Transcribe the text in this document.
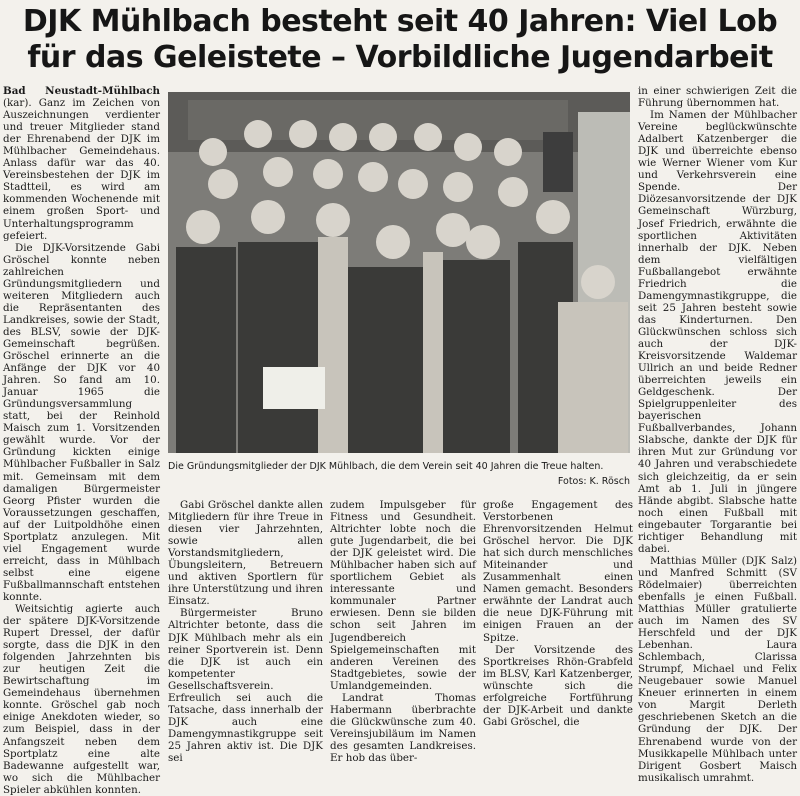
DJK Mühlbach besteht seit 40 Jahren: Viel Lob für das Geleistete – Vorbildliche Jugendarbeit

Bad Neustadt-Mühlbach (kar). Ganz im Zeichen von Auszeichnungen verdienter und treuer Mitglieder stand der Ehrenabend der DJK im Mühlbacher Gemeindehaus. Anlass dafür war das 40. Vereinsbestehen der DJK im Stadtteil, es wird am kommenden Wochenende mit einem großen Sport- und Unterhaltungsprogramm gefeiert.

Die DJK-Vorsitzende Gabi Gröschel konnte neben zahlreichen Gründungsmitgliedern und weiteren Mitgliedern auch die Repräsentanten des Landkreises, sowie der Stadt, des BLSV, sowie der DJK-Gemeinschaft begrüßen. Gröschel erinnerte an die Anfänge der DJK vor 40 Jahren. So fand am 10. Januar 1965 die Gründungsversammlung statt, bei der Reinhold Maisch zum 1. Vorsitzenden gewählt wurde. Vor der Gründung kickten einige Mühlbacher Fußballer in Salz mit. Gemeinsam mit dem damaligen Bürgermeister Georg Pfister wurden die Voraussetzungen geschaffen, auf der Luitpoldhöhe einen Sportplatz anzulegen. Mit viel Engagement wurde erreicht, dass in Mühlbach selbst eine eigene Fußballmannschaft entstehen konnte.

Weitsichtig agierte auch der spätere DJK-Vorsitzende Rupert Dressel, der dafür sorgte, dass die DJK in den folgenden Jahrzehnten bis zur heutigen Zeit die Bewirtschaftung im Gemeindehaus übernehmen konnte. Gröschel gab noch einige Anekdoten wieder, so zum Beispiel, dass in der Anfangszeit neben dem Sportplatz eine alte Badewanne aufgestellt war, wo sich die Mühlbacher Spieler abkühlen konnten.

Die Gründungsmitglieder der DJK Mühlbach, die dem Verein seit 40 Jahren die Treue halten.
Fotos: K. Rösch

Gabi Gröschel dankte allen Mitgliedern für ihre Treue in diesen vier Jahrzehnten, sowie allen Vorstandsmitgliedern, Übungsleitern, Betreuern und aktiven Sportlern für ihre Unterstützung und ihren Einsatz.

Bürgermeister Bruno Altrichter betonte, dass die DJK Mühlbach mehr als ein reiner Sportverein ist. Denn die DJK ist auch ein kompetenter Gesellschaftsverein. Erfreulich sei auch die Tatsache, dass innerhalb der DJK auch eine Damengymnastikgruppe seit 25 Jahren aktiv ist. Die DJK sei

zudem Impulsgeber für Fitness und Gesundheit. Altrichter lobte noch die gute Jugendarbeit, die bei der DJK geleistet wird. Die Mühlbacher haben sich auf sportlichem Gebiet als interessante und kommunaler Partner erwiesen. Denn sie bilden schon seit Jahren im Jugendbereich Spielgemeinschaften mit anderen Vereinen des Stadtgebietes, sowie der Umlandgemeinden.

Landrat Thomas Habermann überbrachte die Glückwünsche zum 40. Vereinsjubiläum im Namen des gesamten Landkreises. Er hob das über-

große Engagement des Verstorbenen Ehrenvorsitzenden Helmut Gröschel hervor. Die DJK hat sich durch menschliches Miteinander und Zusammenhalt einen Namen gemacht. Besonders erwähnte der Landrat auch die neue DJK-Führung mit einigen Frauen an der Spitze.

Der Vorsitzende des Sportkreises Rhön-Grabfeld im BLSV, Karl Katzenberger, wünschte sich die erfolgreiche Fortführung der DJK-Arbeit und dankte Gabi Gröschel, die

in einer schwierigen Zeit die Führung übernommen hat.

Im Namen der Mühlbacher Vereine beglückwünschte Adalbert Katzenberger die DJK und überreichte ebenso wie Werner Wiener vom Kur und Verkehrsverein eine Spende. Der Diözesanvorsitzende der DJK Gemeinschaft Würzburg, Josef Friedrich, erwähnte die sportlichen Aktivitäten innerhalb der DJK. Neben dem vielfältigen Fußballangebot erwähnte Friedrich die Damengymnastikgruppe, die seit 25 Jahren besteht sowie das Kinderturnen. Den Glückwünschen schloss sich auch der DJK-Kreisvorsitzende Waldemar Ullrich an und beide Redner überreichten jeweils ein Geldgeschenk. Der Spielgruppenleiter des bayerischen Fußballverbandes, Johann Slabsche, dankte der DJK für ihren Mut zur Gründung vor 40 Jahren und verabschiedete sich gleichzeitig, da er sein Amt ab 1. Juli in jüngere Hände abgibt. Slabsche hatte noch einen Fußball mit eingebauter Torgarantie bei richtiger Behandlung mit dabei.

Matthias Müller (DJK Salz) und Manfred Schmitt (SV Rödelmaier) überreichten ebenfalls je einen Fußball. Matthias Müller gratulierte auch im Namen des SV Herschfeld und der DJK Lebenhan. Laura Schlembach, Clarissa Strumpf, Michael und Felix Neugebauer sowie Manuel Kneuer erinnerten in einem von Margit Derleth geschriebenen Sketch an die Gründung der DJK. Der Ehrenabend wurde von der Musikkapelle Mühlbach unter Dirigent Gosbert Maisch musikalisch umrahmt.
